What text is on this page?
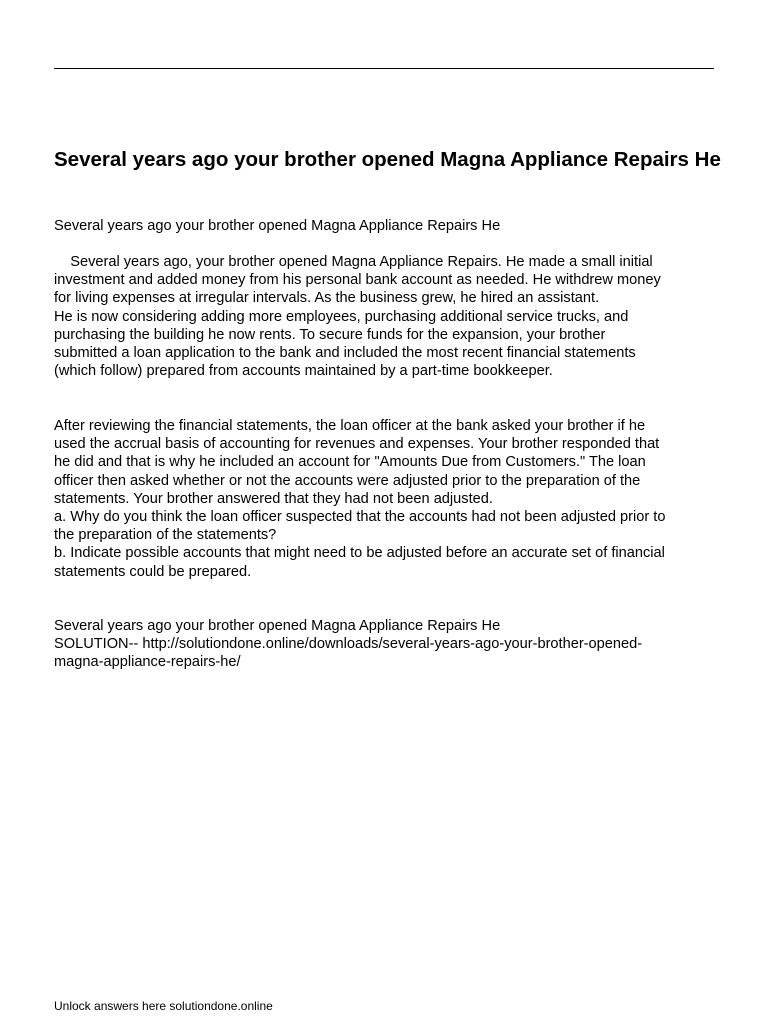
Several years ago your brother opened Magna Appliance Repairs He

Several years ago your brother opened Magna Appliance Repairs He

Several years ago, your brother opened Magna Appliance Repairs. He made a small initial

investment and added money from his personal bank account as needed. He withdrew money

for living expenses at irregular intervals. As the business grew, he hired an assistant.

He is now considering adding more employees, purchasing additional service trucks, and

purchasing the building he now rents. To secure funds for the expansion, your brother

submitted a loan application to the bank and included the most recent financial statements

(which follow) prepared from accounts maintained by a part-time bookkeeper.

After reviewing the financial statements, the loan officer at the bank asked your brother if he

used the accrual basis of accounting for revenues and expenses. Your brother responded that

he did and that is why he included an account for "Amounts Due from Customers." The loan

officer then asked whether or not the accounts were adjusted prior to the preparation of the

statements. Your brother answered that they had not been adjusted.

a. Why do you think the loan officer suspected that the accounts had not been adjusted prior to

the preparation of the statements?

b. Indicate possible accounts that might need to be adjusted before an accurate set of financial

statements could be prepared.

Several years ago your brother opened Magna Appliance Repairs He

SOLUTION-- http://solutiondone.online/downloads/several-years-ago-your-brother-opened-

magna-appliance-repairs-he/

Unlock answers here solutiondone.online
